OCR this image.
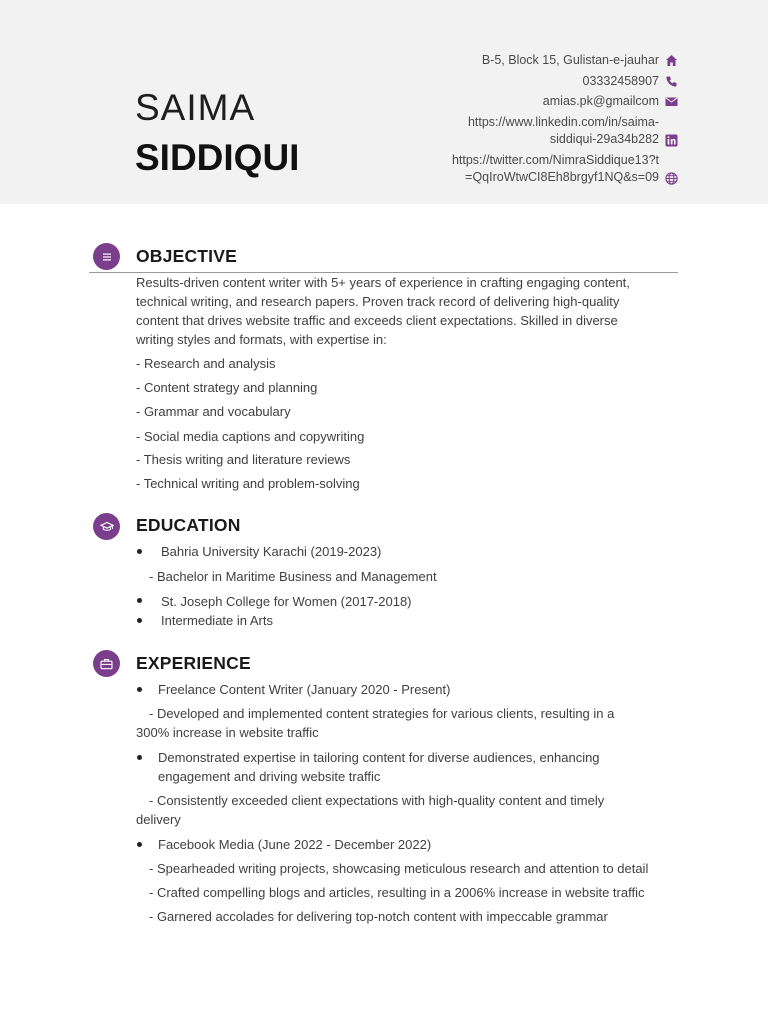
SAIMA
SIDDIQUI
B-5, Block 15, Gulistan-e-jauhar
03332458907
amias.pk@gmailcom
https://www.linkedin.com/in/saima-
siddiqui-29a34b282
https://twitter.com/NimraSiddique13?t
=QqIroWtwCI8Eh8brgyf1NQ&s=09
OBJECTIVE
Results-driven content writer with 5+ years of experience in crafting engaging content,
technical writing, and research papers. Proven track record of delivering high-quality
content that drives website traffic and exceeds client expectations. Skilled in diverse
writing styles and formats, with expertise in:
- Research and analysis
- Content strategy and planning
- Grammar and vocabulary
- Social media captions and copywriting
- Thesis writing and literature reviews
- Technical writing and problem-solving
EDUCATION
Bahria University Karachi (2019-2023)
- Bachelor in Maritime Business and Management
St. Joseph College for Women (2017-2018)
Intermediate in Arts
EXPERIENCE
Freelance Content Writer (January 2020 - Present)
- Developed and implemented content strategies for various clients, resulting in a
300% increase in website traffic
Demonstrated expertise in tailoring content for diverse audiences, enhancing
engagement and driving website traffic
- Consistently exceeded client expectations with high-quality content and timely
delivery
Facebook Media (June 2022 - December 2022)
- Spearheaded writing projects, showcasing meticulous research and attention to detail
- Crafted compelling blogs and articles, resulting in a 2006% increase in website traffic
- Garnered accolades for delivering top-notch content with impeccable grammar
